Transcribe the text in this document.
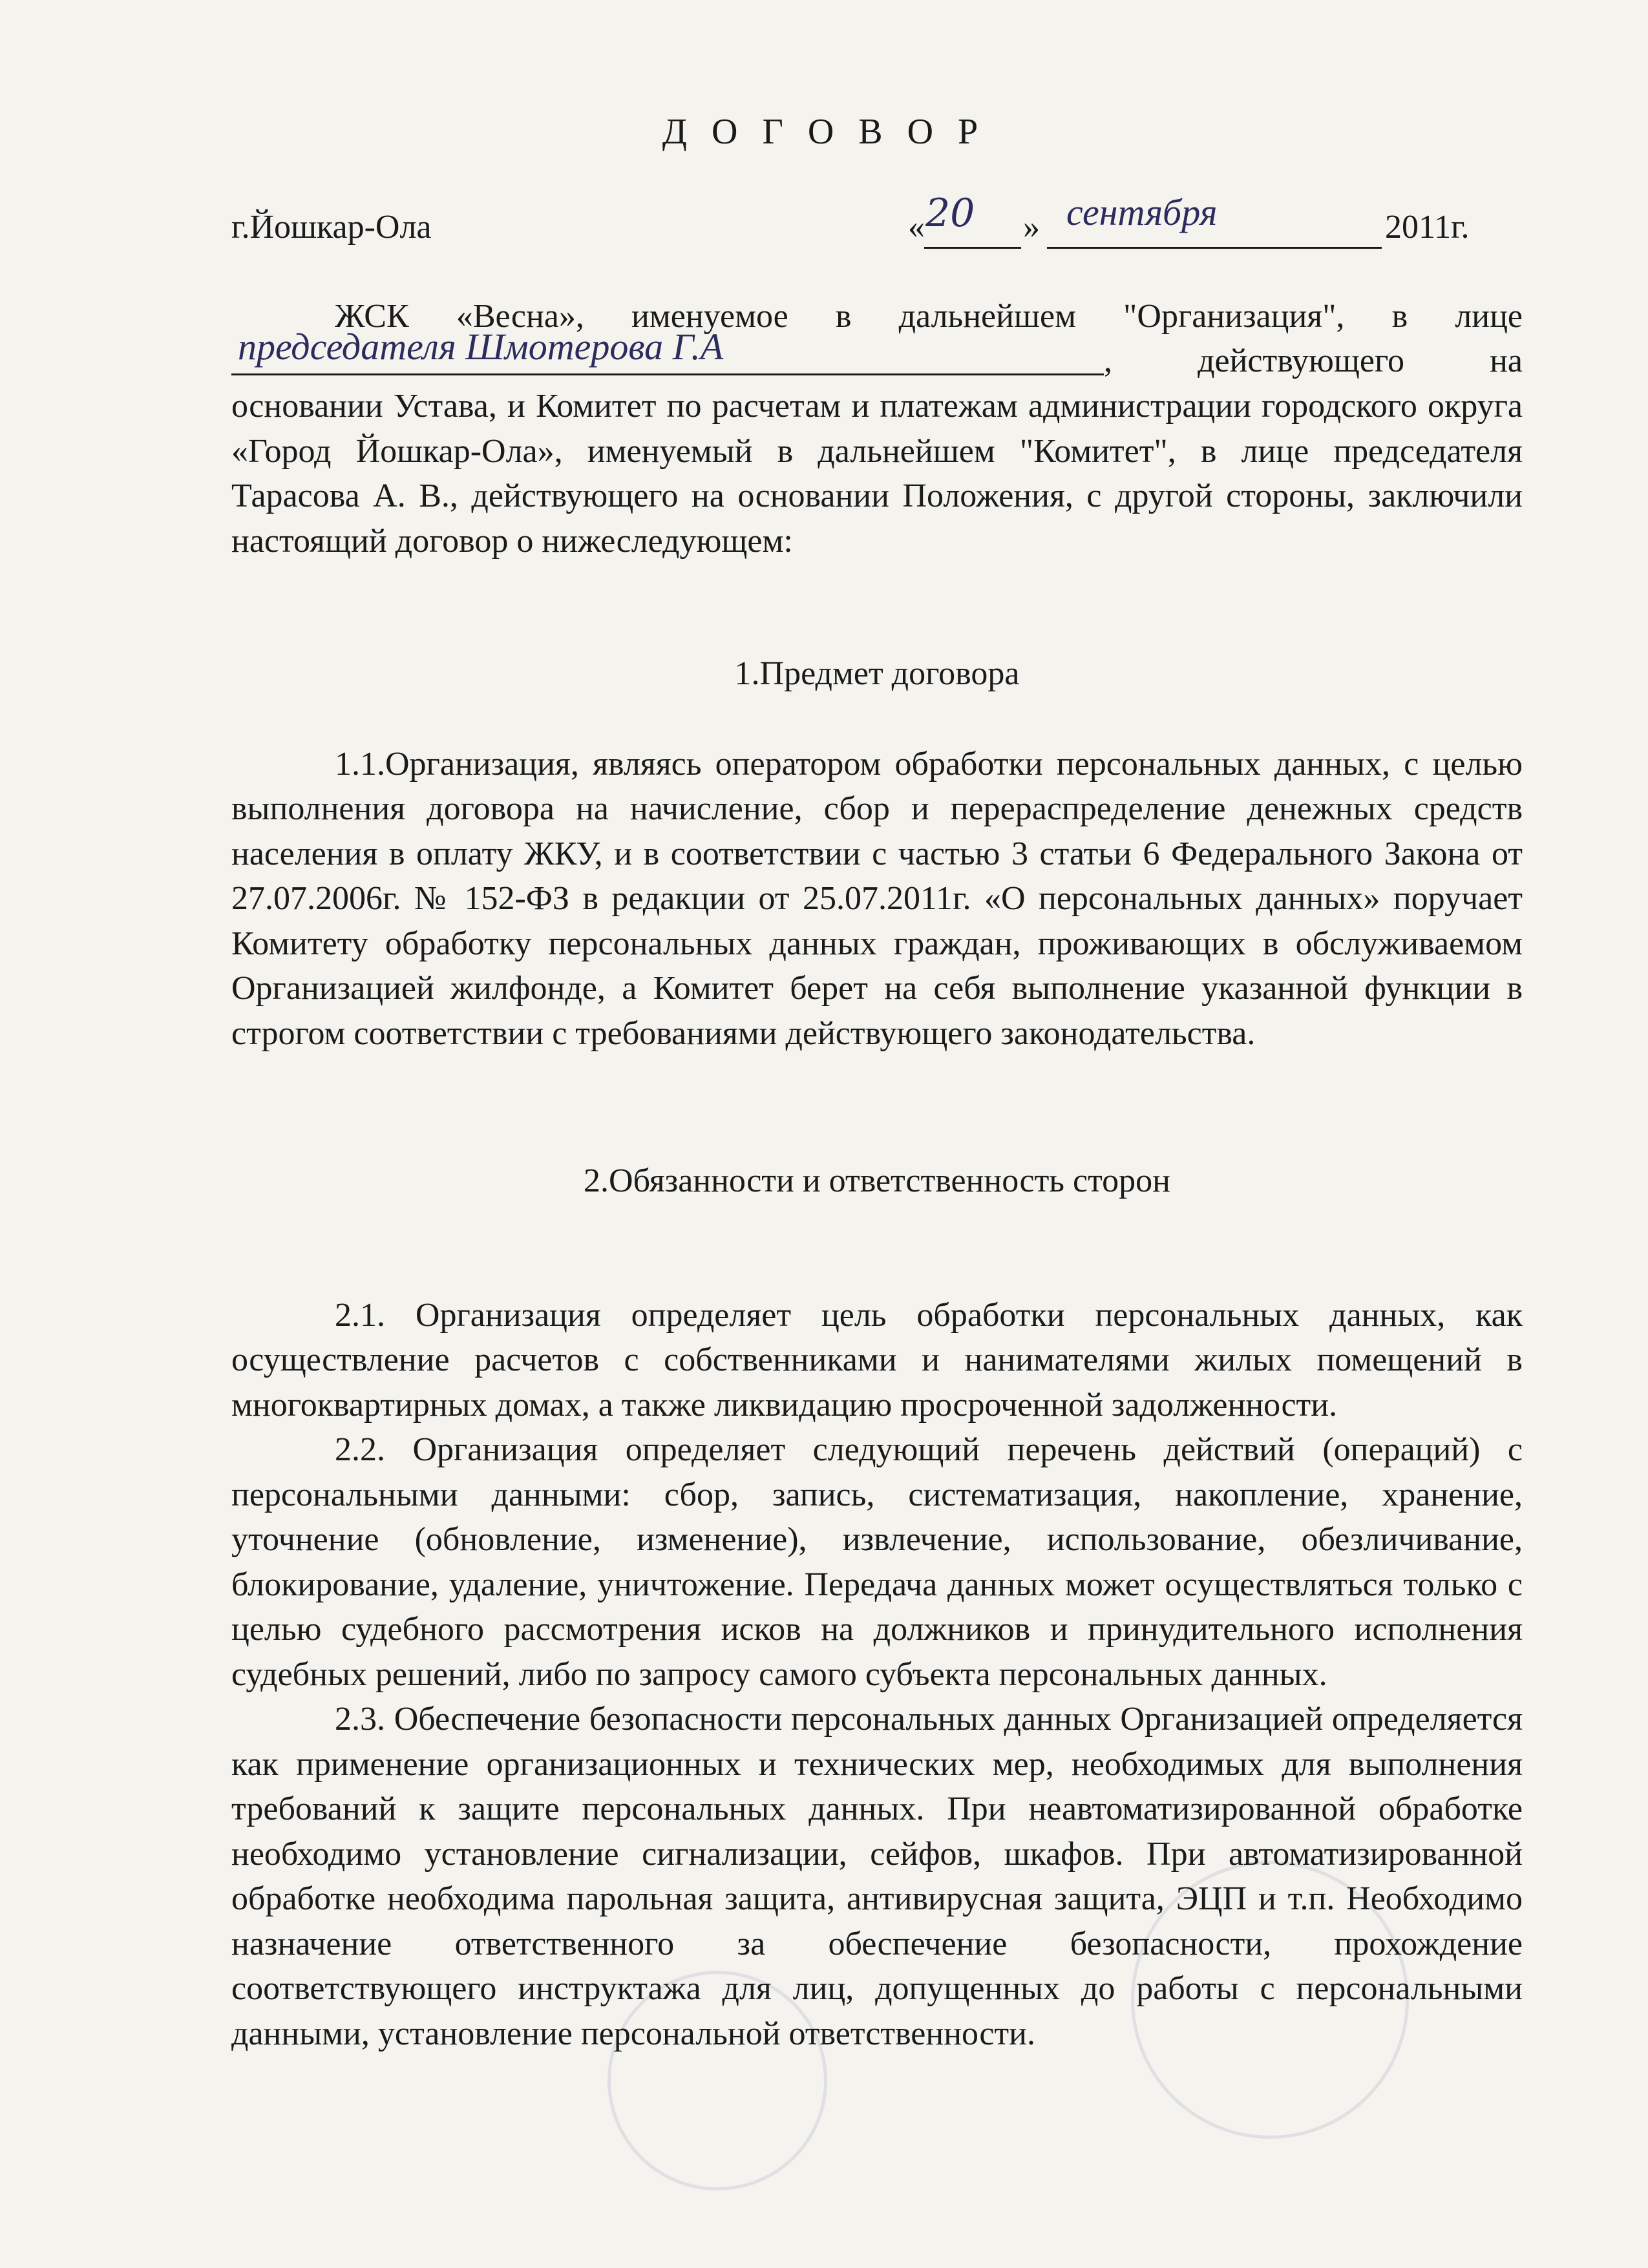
Д О Г О В О Р
г.Йошкар-Ола	« 20 » сентября	2011г.

ЖСК «Весна», именуемое в дальнейшем "Организация", в лице

председателя Шмотерова Г.А	, действующего на

основании Устава, и Комитет по расчетам и платежам администрации городского округа «Город Йошкар-Ола», именуемый в дальнейшем "Комитет", в лице председателя Тарасова А. В., действующего на основании Положения, с другой стороны, заключили настоящий договор о нижеследующем:

1.Предмет договора

1.1.Организация, являясь оператором обработки персональных данных, с целью выполнения договора на начисление, сбор и перераспределение денежных средств населения в оплату ЖКУ, и в соответствии с частью 3 статьи 6 Федерального Закона от 27.07.2006г. № 152-ФЗ в редакции от 25.07.2011г. «О персональных данных» поручает Комитету обработку персональных данных граждан, проживающих в обслуживаемом Организацией жилфонде, а Комитет берет на себя выполнение указанной функции в строгом соответствии с требованиями действующего законодательства.

2.Обязанности и ответственность сторон

2.1. Организация определяет цель обработки персональных данных, как осуществление расчетов с собственниками и нанимателями жилых помещений в многоквартирных домах, а также ликвидацию просроченной задолженности.

2.2. Организация определяет следующий перечень действий (операций) с персональными данными: сбор, запись, систематизация, накопление, хранение, уточнение (обновление, изменение), извлечение, использование, обезличивание, блокирование, удаление, уничтожение. Передача данных может осуществляться только с целью судебного рассмотрения исков на должников и принудительного исполнения судебных решений, либо по запросу самого субъекта персональных данных.

2.3. Обеспечение безопасности персональных данных Организацией определяется как применение организационных и технических мер, необходимых для выполнения требований к защите персональных данных. При неавтоматизированной обработке необходимо установление сигнализации, сейфов, шкафов. При автоматизированной обработке необходима парольная защита, антивирусная защита, ЭЦП и т.п. Необходимо назначение ответственного за обеспечение безопасности, прохождение соответствующего инструктажа для лиц, допущенных до работы с персональными данными, установление персональной ответственности.
